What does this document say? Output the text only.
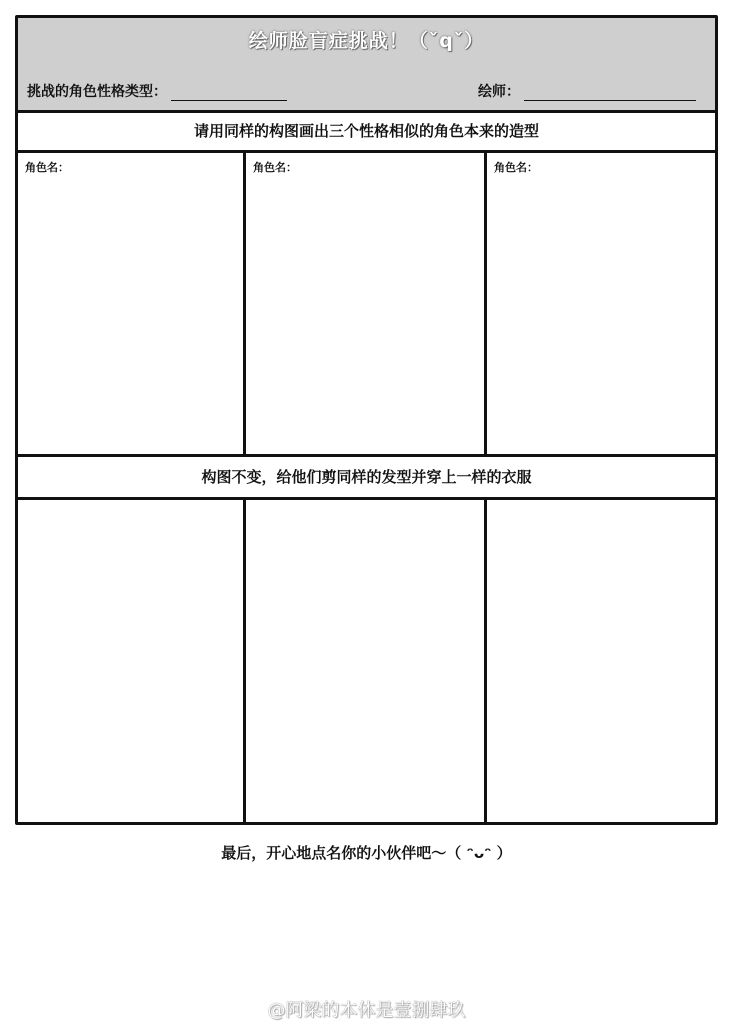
绘师脸盲症挑战！（ˇqˇ）
挑战的角色性格类型：	绘师：
请用同样的构图画出三个性格相似的角色本来的造型
角色名：	角色名：	角色名：
构图不变，给他们剪同样的发型并穿上一样的衣服
最后，开心地点名你的小伙伴吧～（ ᵔᴗᵔ ）
@阿梁的本体是壹捌肆玖
